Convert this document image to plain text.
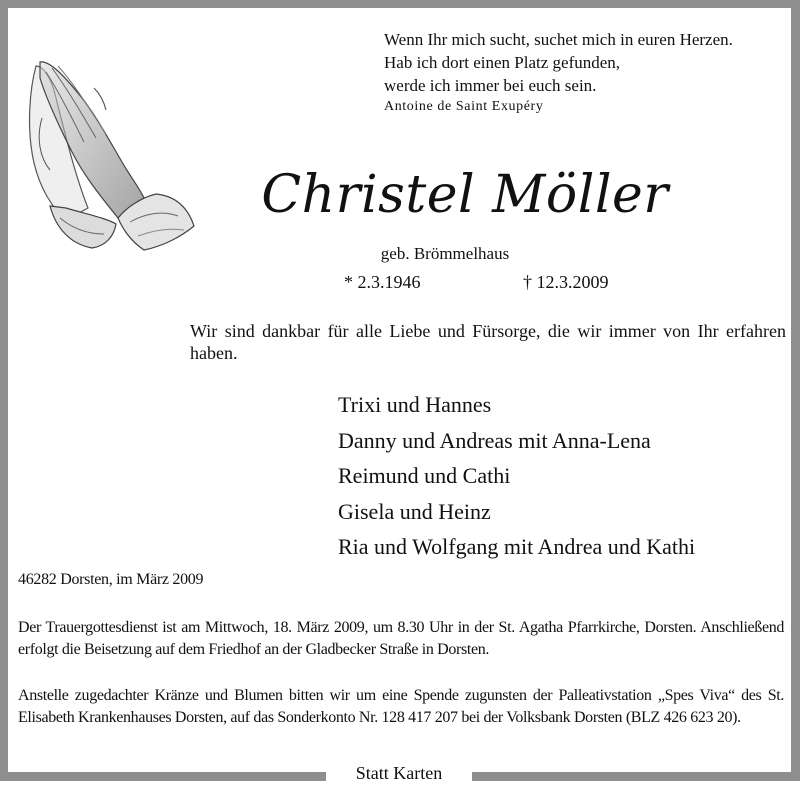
Wenn Ihr mich sucht, suchet mich in euren Herzen.
Hab ich dort einen Platz gefunden,
werde ich immer bei euch sein.
Antoine de Saint Exupéry
Christel Möller
geb. Brömmelhaus
* 2.3.1946	† 12.3.2009
Wir sind dankbar für alle Liebe und Fürsorge, die wir immer von Ihr erfahren haben.
Trixi und Hannes
Danny und Andreas mit Anna-Lena
Reimund und Cathi
Gisela und Heinz
Ria und Wolfgang mit Andrea und Kathi
46282 Dorsten, im März 2009
Der Trauergottesdienst ist am Mittwoch, 18. März 2009, um 8.30 Uhr in der St. Agatha Pfarrkirche, Dorsten. Anschließend erfolgt die Beisetzung auf dem Friedhof an der Gladbecker Straße in Dorsten.
Anstelle zugedachter Kränze und Blumen bitten wir um eine Spende zugunsten der Palleativstation „Spes Viva“ des St. Elisabeth Krankenhauses Dorsten, auf das Sonderkonto Nr. 128 417 207 bei der Volksbank Dorsten (BLZ 426 623 20).
Statt Karten
